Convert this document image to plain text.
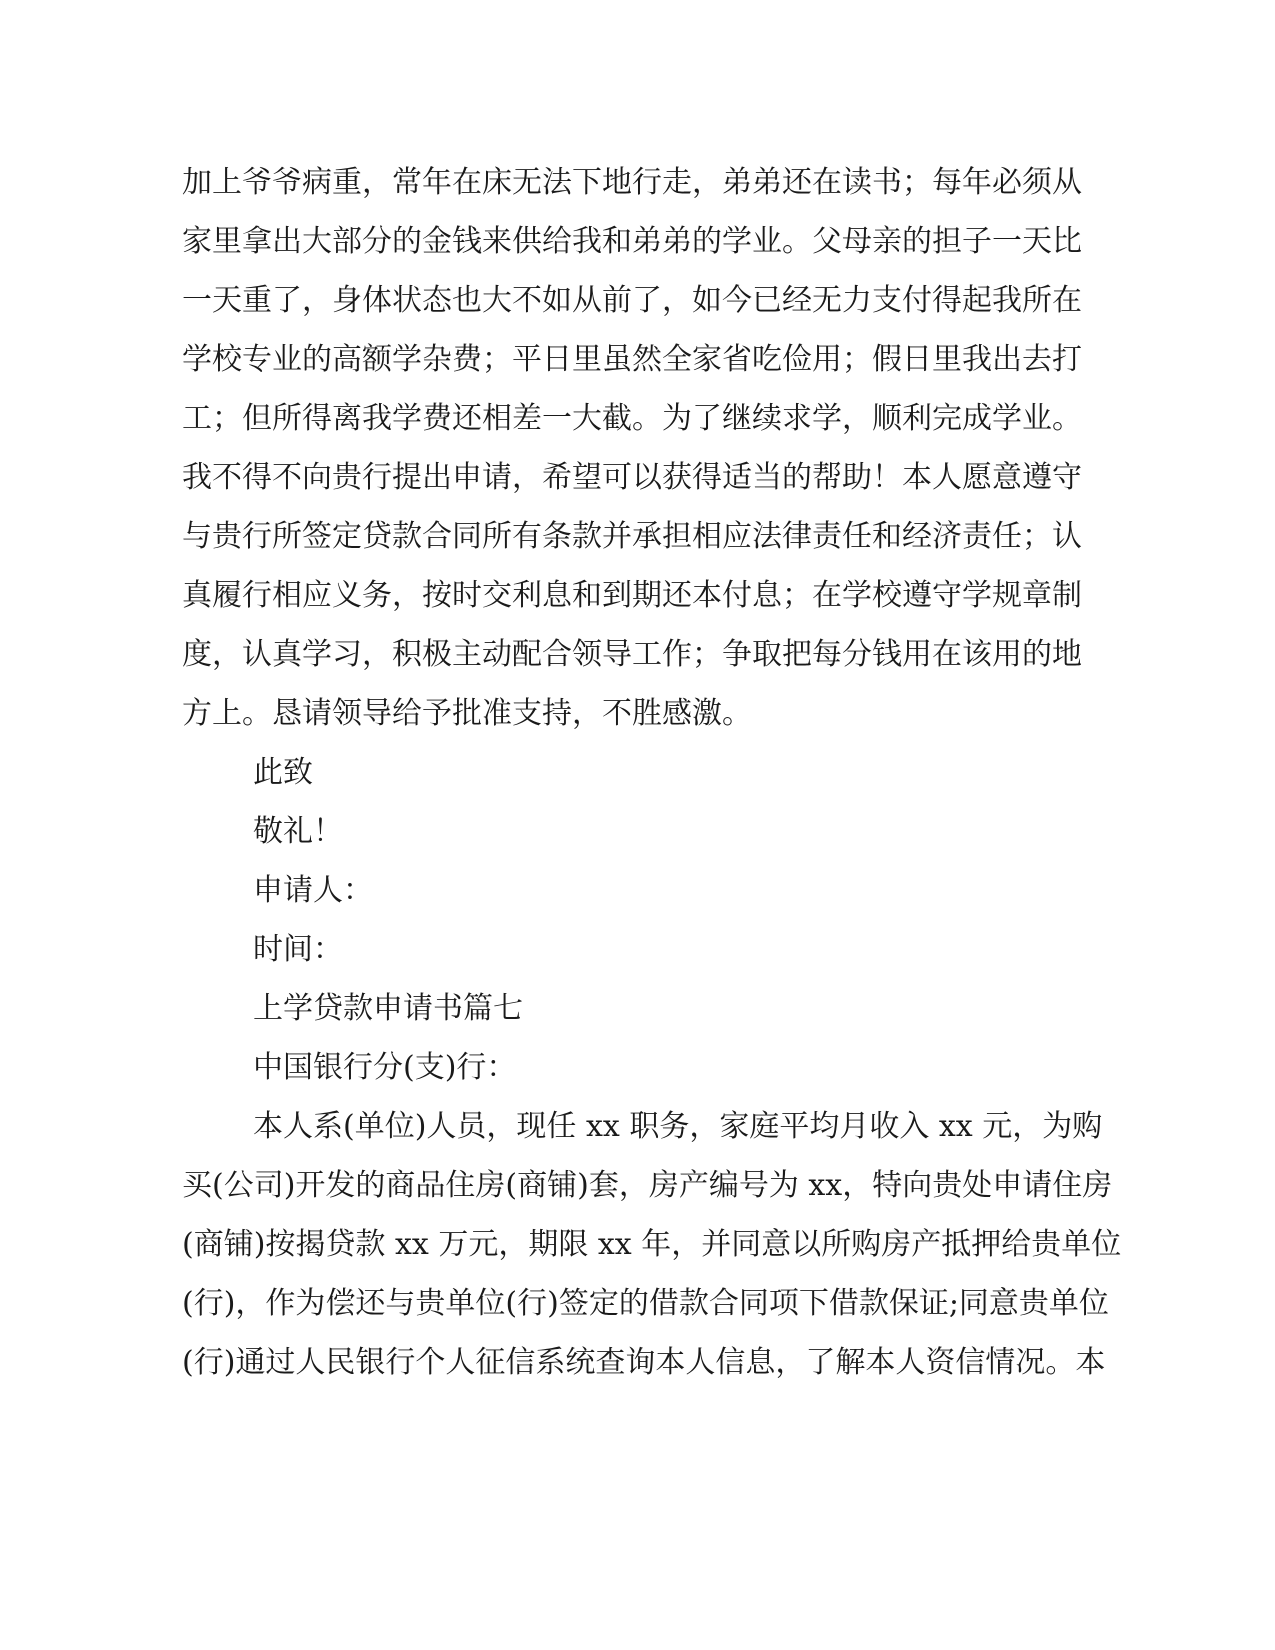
加上爷爷病重，常年在床无法下地行走，弟弟还在读书；每年必须从
家里拿出大部分的金钱来供给我和弟弟的学业。父母亲的担子一天比
一天重了，身体状态也大不如从前了，如今已经无力支付得起我所在
学校专业的高额学杂费；平日里虽然全家省吃俭用；假日里我出去打
工；但所得离我学费还相差一大截。为了继续求学，顺利完成学业。
我不得不向贵行提出申请，希望可以获得适当的帮助！本人愿意遵守
与贵行所签定贷款合同所有条款并承担相应法律责任和经济责任；认
真履行相应义务，按时交利息和到期还本付息；在学校遵守学规章制
度，认真学习，积极主动配合领导工作；争取把每分钱用在该用的地
方上。恳请领导给予批准支持，不胜感激。
此致
敬礼！
申请人：
时间：
上学贷款申请书篇七
中国银行分(支)行：
本人系(单位)人员，现任 xx 职务，家庭平均月收入 xx 元，为购
买(公司)开发的商品住房(商铺)套，房产编号为 xx，特向贵处申请住房
(商铺)按揭贷款 xx 万元，期限 xx 年，并同意以所购房产抵押给贵单位
(行)，作为偿还与贵单位(行)签定的借款合同项下借款保证;同意贵单位
(行)通过人民银行个人征信系统查询本人信息，了解本人资信情况。本
